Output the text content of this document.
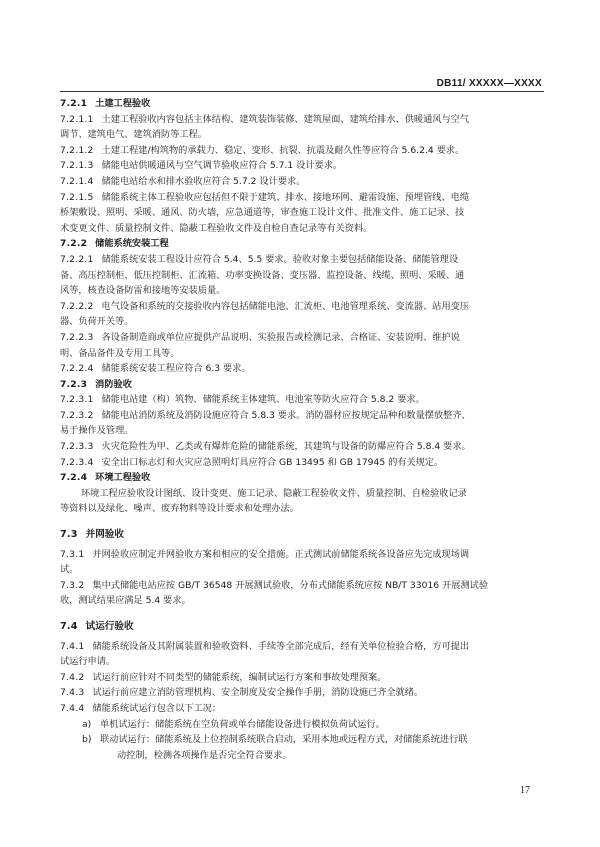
DB11/ XXXXX—XXXX
7.2.1 土建工程验收
7.2.1.1 土建工程验收内容包括主体结构、建筑装饰装修、建筑屋面、建筑给排水、供暖通风与空气
调节、建筑电气、建筑消防等工程。
7.2.1.2 土建工程建/构筑物的承载力、稳定、变形、抗裂、抗震及耐久性等应符合 5.6.2.4 要求。
7.2.1.3 储能电站供暖通风与空气调节验收应符合 5.7.1 设计要求。
7.2.1.4 储能电站给水和排水验收应符合 5.7.2 设计要求。
7.2.1.5 储能系统主体工程验收应包括但不限于建筑、排水、接地环网、避雷设施、预埋管线、电缆
桥架敷设、照明、采暖、通风、防火墙，应急通道等，审查施工设计文件、批准文件、施工记录、技
术变更文件、质量控制文件、隐蔽工程验收文件及自检自查记录等有关资料。
7.2.2 储能系统安装工程
7.2.2.1 储能系统安装工程设计应符合 5.4、5.5 要求。验收对象主要包括储能设备、储能管理设
备、高压控制柜、低压控制柜、汇流箱、功率变换设备、变压器、监控设备、线缆、照明、采暖、通
风等，核查设备防雷和接地等安装质量。
7.2.2.2 电气设备和系统的交接验收内容包括储能电池、汇流柜、电池管理系统、变流器、站用变压
器、负荷开关等。
7.2.2.3 各设备制造商或单位应提供产品说明、实验报告或检测记录、合格证、安装说明、维护说
明、备品备件及专用工具等。
7.2.2.4 储能系统安装工程应符合 6.3 要求。
7.2.3 消防验收
7.2.3.1 储能电站建（构）筑物、储能系统主体建筑、电池室等防火应符合 5.8.2 要求。
7.2.3.2 储能电站消防系统及消防设施应符合 5.8.3 要求。消防器材应按规定品种和数量摆放整齐、
易于操作及管理。
7.2.3.3 火灾危险性为甲、乙类或有爆炸危险的储能系统，其建筑与设备的防爆应符合 5.8.4 要求。
7.2.3.4 安全出口标志灯和火灾应急照明灯具应符合 GB 13495 和 GB 17945 的有关规定。
7.2.4 环境工程验收
环境工程应验收设计图纸、设计变更、施工记录、隐蔽工程验收文件、质量控制、自检验收记录
等资料以及绿化、噪声、废弃物料等设计要求和处理办法。
7.3 并网验收
7.3.1 并网验收应制定并网验收方案和相应的安全措施。正式测试前储能系统各设备应先完成现场调
试。
7.3.2 集中式储能电站应按 GB/T 36548 开展测试验收，分布式储能系统应按 NB/T 33016 开展测试验
收，测试结果应满足 5.4 要求。
7.4 试运行验收
7.4.1 储能系统设备及其附属装置和验收资料、手续等全部完成后，经有关单位检验合格，方可提出
试运行申请。
7.4.2 试运行前应针对不同类型的储能系统，编制试运行方案和事故处理预案。
7.4.3 试运行前应建立消防管理机构、安全制度及安全操作手册，消防设施已齐全就绪。
7.4.4 储能系统试运行包含以下工况：
a) 单机试运行：储能系统在空负荷或单台储能设备进行模拟负荷试运行。
b) 联动试运行：储能系统及上位控制系统联合启动，采用本地或远程方式，对储能系统进行联
动控制，检测各项操作是否完全符合要求。
17
